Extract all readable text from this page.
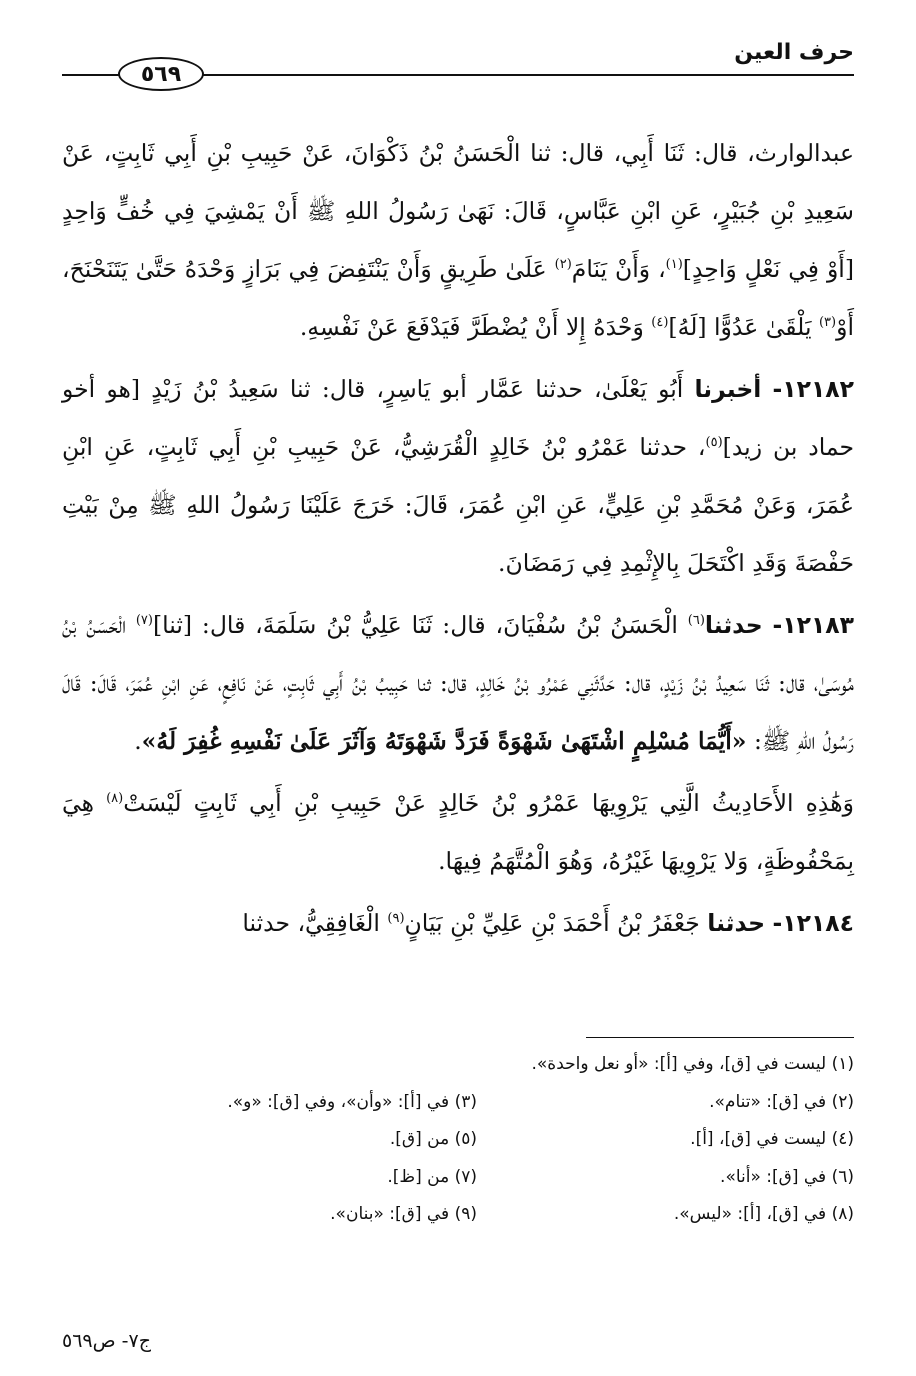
حرف العين
٥٦٩

عبدالوارث، قال: ثَنَا أَبِي، قال: ثنا الْحَسَنُ بْنُ ذَكْوَانَ، عَنْ حَبِيبِ بْنِ أَبِي ثَابِتٍ، عَنْ سَعِيدِ بْنِ جُبَيْرٍ، عَنِ ابْنِ عَبَّاسٍ، قَالَ: نَهَىٰ رَسُولُ اللهِ ﷺ أَنْ يَمْشِيَ فِي خُفٍّ وَاحِدٍ [أَوْ فِي نَعْلٍ وَاحِدٍ]$^{(١)}$، وَأَنْ يَنَامَ$^{(٢)}$ عَلَىٰ طَرِيقٍ وَأَنْ يَنْتَفِضَ فِي بَرَازٍ وَحْدَهُ حَتَّىٰ يَتَنَحْنَحَ، أَوْ$^{(٣)}$ يَلْقَىٰ عَدُوًّا [لَهُ]$^{(٤)}$ وَحْدَهُ إِلا أَنْ يُضْطَرَّ فَيَدْفَعَ عَنْ نَفْسِهِ.

١٢١٨٢- أخبرنا أَبُو يَعْلَىٰ، حدثنا عَمَّار أبو يَاسِرٍ، قال: ثنا سَعِيدُ بْنُ زَيْدٍ [هو أخو حماد بن زيد]$^{(٥)}$، حدثنا عَمْرُو بْنُ خَالِدٍ الْقُرَشِيُّ، عَنْ حَبِيبِ بْنِ أَبِي ثَابِتٍ، عَنِ ابْنِ عُمَرَ، وَعَنْ مُحَمَّدِ بْنِ عَلِيٍّ، عَنِ ابْنِ عُمَرَ، قَالَ: خَرَجَ عَلَيْنَا رَسُولُ اللهِ ﷺ مِنْ بَيْتِ حَفْصَةَ وَقَدِ اكْتَحَلَ بِالإِثْمِدِ فِي رَمَضَانَ.

١٢١٨٣- حدثنا$^{(٦)}$ الْحَسَنُ بْنُ سُفْيَانَ، قال: ثَنَا عَلِيُّ بْنُ سَلَمَةَ، قال: [ثنا]$^{(٧)}$ الْحَسَنُ بْنُ مُوسَىٰ، قال: ثَنَا سَعِيدُ بْنُ زَيْدٍ، قال: حَدَّثَنِي عَمْرُو بْنُ خَالِدٍ، قال: ثنا حَبِيبُ بْنُ أَبِي ثَابِتٍ، عَنْ نَافِعٍ، عَنِ ابْنِ عُمَرَ، قَالَ: قَالَ رَسُولُ اللهِ ﷺ: «أَيُّمَا مُسْلِمٍ اشْتَهَىٰ شَهْوَةً فَرَدَّ شَهْوَتَهُ وَآثَرَ عَلَىٰ نَفْسِهِ غُفِرَ لَهُ».

وَهَٰذِهِ الأَحَادِيثُ الَّتِي يَرْوِيهَا عَمْرُو بْنُ خَالِدٍ عَنْ حَبِيبِ بْنِ أَبِي ثَابِتٍ لَيْسَتْ$^{(٨)}$ هِيَ بِمَحْفُوظَةٍ، وَلا يَرْوِيهَا غَيْرُهُ، وَهُوَ الْمُتَّهَمُ فِيهَا.

١٢١٨٤- حدثنا جَعْفَرُ بْنُ أَحْمَدَ بْنِ عَلِيِّ بْنِ بَيَانٍ$^{(٩)}$ الْغَافِقِيُّ، حدثنا

(١) ليست في [ق]، وفي [أ]: «أو نعل واحدة».
(٢) في [ق]: «تنام».
(٣) في [أ]: «وأن»، وفي [ق]: «و».
(٤) ليست في [ق]، [أ].
(٥) من [ق].
(٦) في [ق]: «أنا».
(٧) من [ظ].
(٨) في [ق]، [أ]: «ليس».
(٩) في [ق]: «بنان».
ج٧- ص٥٦٩
